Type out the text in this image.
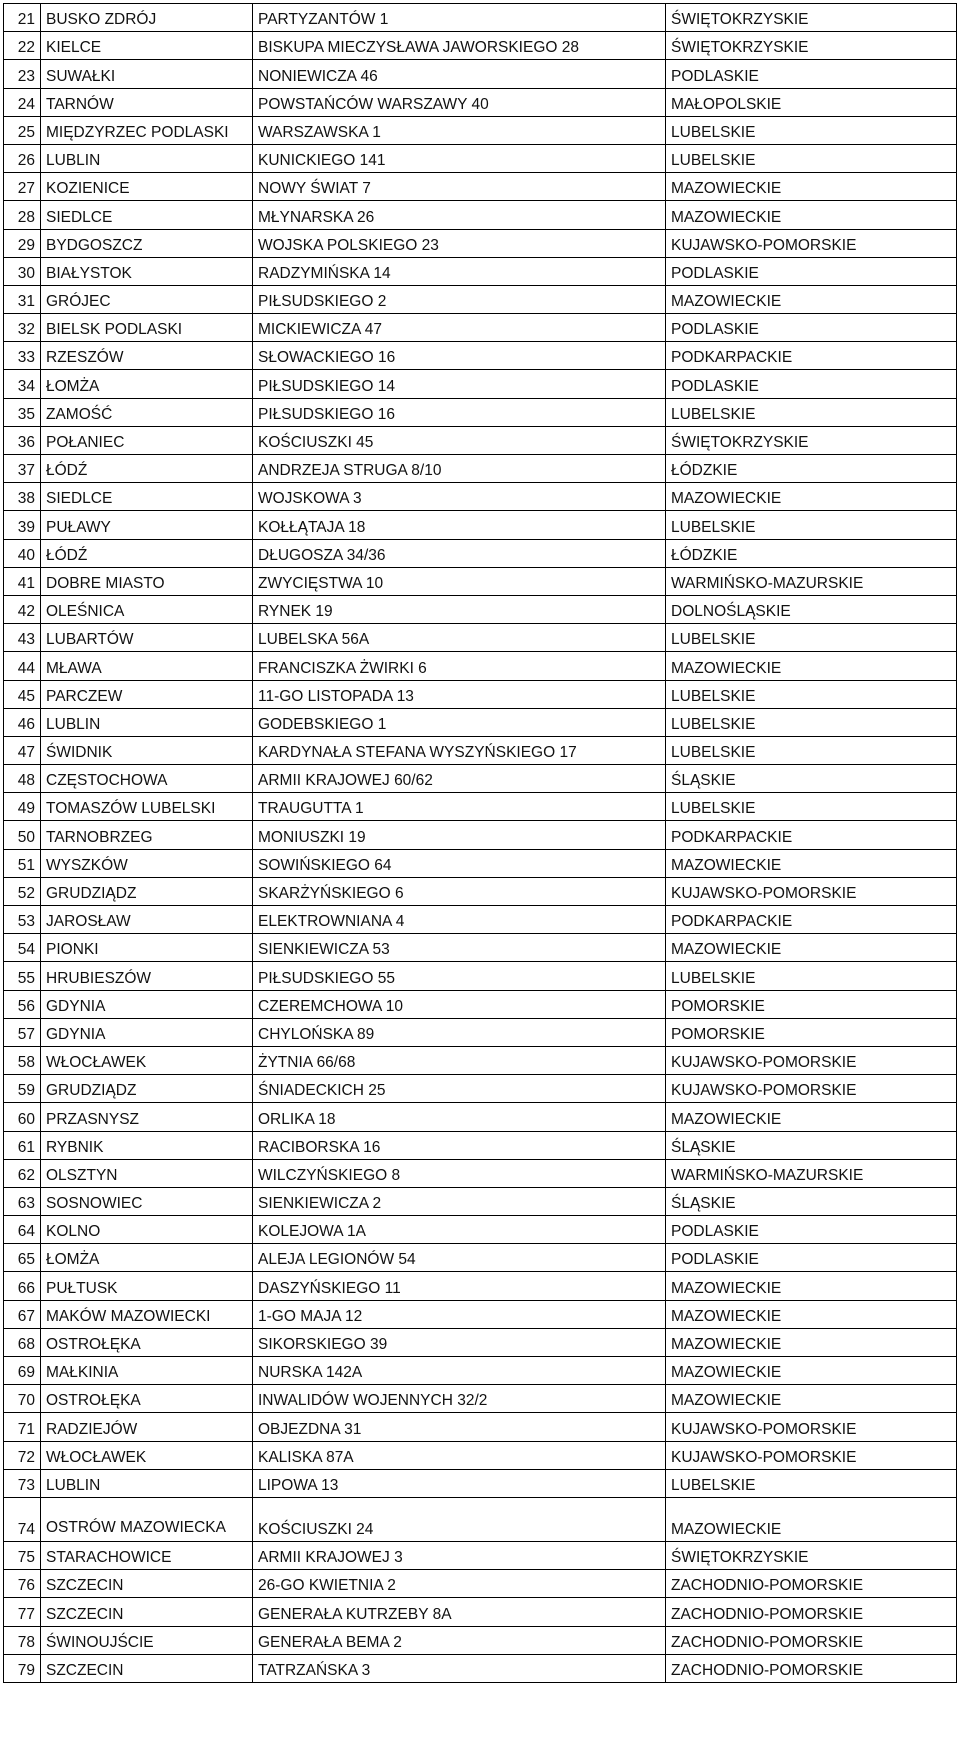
21	BUSKO ZDRÓJ	PARTYZANTÓW 1	ŚWIĘTOKRZYSKIE
22	KIELCE	BISKUPA MIECZYSŁAWA JAWORSKIEGO 28	ŚWIĘTOKRZYSKIE
23	SUWAŁKI	NONIEWICZA 46	PODLASKIE
24	TARNÓW	POWSTAŃCÓW WARSZAWY 40	MAŁOPOLSKIE
25	MIĘDZYRZEC PODLASKI	WARSZAWSKA 1	LUBELSKIE
26	LUBLIN	KUNICKIEGO 141	LUBELSKIE
27	KOZIENICE	NOWY ŚWIAT 7	MAZOWIECKIE
28	SIEDLCE	MŁYNARSKA 26	MAZOWIECKIE
29	BYDGOSZCZ	WOJSKA POLSKIEGO 23	KUJAWSKO-POMORSKIE
30	BIAŁYSTOK	RADZYMIŃSKA 14	PODLASKIE
31	GRÓJEC	PIŁSUDSKIEGO 2	MAZOWIECKIE
32	BIELSK PODLASKI	MICKIEWICZA 47	PODLASKIE
33	RZESZÓW	SŁOWACKIEGO 16	PODKARPACKIE
34	ŁOMŻA	PIŁSUDSKIEGO 14	PODLASKIE
35	ZAMOŚĆ	PIŁSUDSKIEGO 16	LUBELSKIE
36	POŁANIEC	KOŚCIUSZKI 45	ŚWIĘTOKRZYSKIE
37	ŁÓDŹ	ANDRZEJA STRUGA 8/10	ŁÓDZKIE
38	SIEDLCE	WOJSKOWA 3	MAZOWIECKIE
39	PUŁAWY	KOŁŁĄTAJA 18	LUBELSKIE
40	ŁÓDŹ	DŁUGOSZA 34/36	ŁÓDZKIE
41	DOBRE MIASTO	ZWYCIĘSTWA 10	WARMIŃSKO-MAZURSKIE
42	OLEŚNICA	RYNEK 19	DOLNOŚLĄSKIE
43	LUBARTÓW	LUBELSKA 56A	LUBELSKIE
44	MŁAWA	FRANCISZKA ŻWIRKI 6	MAZOWIECKIE
45	PARCZEW	11-GO LISTOPADA 13	LUBELSKIE
46	LUBLIN	GODEBSKIEGO 1	LUBELSKIE
47	ŚWIDNIK	KARDYNAŁA STEFANA WYSZYŃSKIEGO 17	LUBELSKIE
48	CZĘSTOCHOWA	ARMII KRAJOWEJ 60/62	ŚLĄSKIE
49	TOMASZÓW LUBELSKI	TRAUGUTTA 1	LUBELSKIE
50	TARNOBRZEG	MONIUSZKI 19	PODKARPACKIE
51	WYSZKÓW	SOWIŃSKIEGO 64	MAZOWIECKIE
52	GRUDZIĄDZ	SKARŻYŃSKIEGO 6	KUJAWSKO-POMORSKIE
53	JAROSŁAW	ELEKTROWNIANA 4	PODKARPACKIE
54	PIONKI	SIENKIEWICZA 53	MAZOWIECKIE
55	HRUBIESZÓW	PIŁSUDSKIEGO 55	LUBELSKIE
56	GDYNIA	CZEREMCHOWA 10	POMORSKIE
57	GDYNIA	CHYLOŃSKA 89	POMORSKIE
58	WŁOCŁAWEK	ŻYTNIA 66/68	KUJAWSKO-POMORSKIE
59	GRUDZIĄDZ	ŚNIADECKICH 25	KUJAWSKO-POMORSKIE
60	PRZASNYSZ	ORLIKA 18	MAZOWIECKIE
61	RYBNIK	RACIBORSKA 16	ŚLĄSKIE
62	OLSZTYN	WILCZYŃSKIEGO 8	WARMIŃSKO-MAZURSKIE
63	SOSNOWIEC	SIENKIEWICZA 2	ŚLĄSKIE
64	KOLNO	KOLEJOWA 1A	PODLASKIE
65	ŁOMŻA	ALEJA LEGIONÓW 54	PODLASKIE
66	PUŁTUSK	DASZYŃSKIEGO 11	MAZOWIECKIE
67	MAKÓW MAZOWIECKI	1-GO MAJA 12	MAZOWIECKIE
68	OSTROŁĘKA	SIKORSKIEGO 39	MAZOWIECKIE
69	MAŁKINIA	NURSKA 142A	MAZOWIECKIE
70	OSTROŁĘKA	INWALIDÓW WOJENNYCH 32/2	MAZOWIECKIE
71	RADZIEJÓW	OBJEZDNA 31	KUJAWSKO-POMORSKIE
72	WŁOCŁAWEK	KALISKA 87A	KUJAWSKO-POMORSKIE
73	LUBLIN	LIPOWA 13	LUBELSKIE
74	OSTRÓW MAZOWIECKA	KOŚCIUSZKI 24	MAZOWIECKIE
75	STARACHOWICE	ARMII KRAJOWEJ 3	ŚWIĘTOKRZYSKIE
76	SZCZECIN	26-GO KWIETNIA 2	ZACHODNIO-POMORSKIE
77	SZCZECIN	GENERAŁA KUTRZEBY 8A	ZACHODNIO-POMORSKIE
78	ŚWINOUJŚCIE	GENERAŁA BEMA 2	ZACHODNIO-POMORSKIE
79	SZCZECIN	TATRZAŃSKA 3	ZACHODNIO-POMORSKIE
